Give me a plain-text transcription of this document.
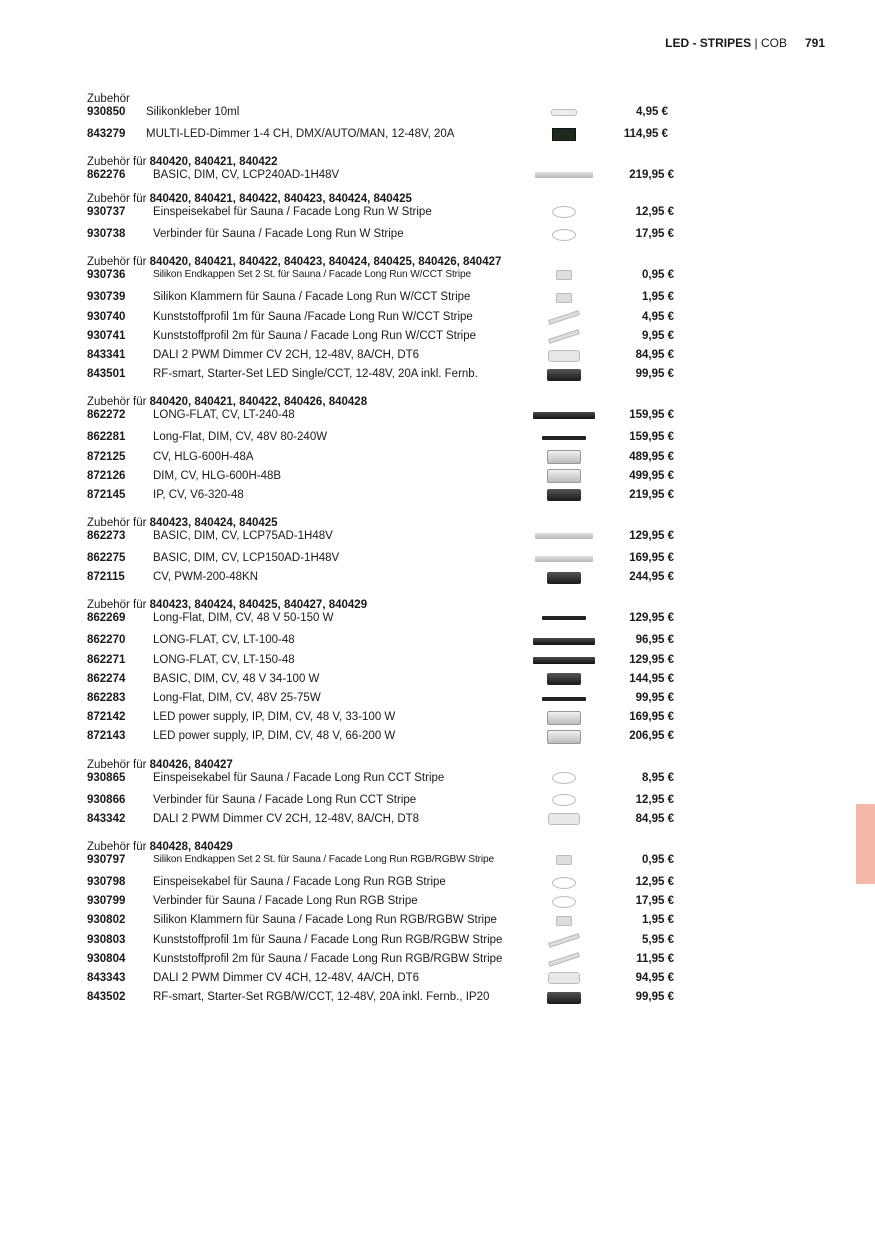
LED - STRIPES | COB 791
Zubehör
930850 Silikonkleber 10ml	4,95 €
843279 MULTI-LED-Dimmer 1-4 CH, DMX/AUTO/MAN, 12-48V, 20A	114,95 €
Zubehör für 840420, 840421, 840422
862276 BASIC, DIM, CV, LCP240AD-1H48V	219,95 €
Zubehör für 840420, 840421, 840422, 840423, 840424, 840425
930737 Einspeisekabel für Sauna / Facade Long Run W Stripe	12,95 €
930738 Verbinder für Sauna / Facade Long Run W Stripe	17,95 €
Zubehör für 840420, 840421, 840422, 840423, 840424, 840425, 840426, 840427
930736	Silikon Endkappen Set 2 St. für Sauna / Facade Long Run W/CCT Stripe	0,95 €
930739 Silikon Klammern für Sauna / Facade Long Run W/CCT Stripe	1,95 €
930740 Kunststoffprofil 1m für Sauna /Facade Long Run W/CCT Stripe	4,95 €
930741 Kunststoffprofil 2m für Sauna / Facade Long Run W/CCT Stripe	9,95 €
843341 DALI 2 PWM Dimmer CV 2CH, 12-48V, 8A/CH, DT6	84,95 €
843501 RF-smart, Starter-Set LED Single/CCT, 12-48V, 20A inkl. Fernb.	99,95 €
Zubehör für 840420, 840421, 840422, 840426, 840428
862272 LONG-FLAT, CV, LT-240-48	159,95 €
862281 Long-Flat, DIM, CV, 48V 80-240W	159,95 €
872125 CV, HLG-600H-48A	489,95 €
872126 DIM, CV, HLG-600H-48B	499,95 €
872145 IP, CV, V6-320-48	219,95 €
Zubehör für 840423, 840424, 840425
862273 BASIC, DIM, CV, LCP75AD-1H48V	129,95 €
862275 BASIC, DIM, CV, LCP150AD-1H48V	169,95 €
872115 CV, PWM-200-48KN	244,95 €
Zubehör für 840423, 840424, 840425, 840427, 840429
862269 Long-Flat, DIM, CV, 48 V 50-150 W	129,95 €
862270 LONG-FLAT, CV, LT-100-48	96,95 €
862271 LONG-FLAT, CV, LT-150-48	129,95 €
862274 BASIC, DIM, CV, 48 V 34-100 W	144,95 €
862283 Long-Flat, DIM, CV, 48V 25-75W	99,95 €
872142 LED power supply, IP, DIM, CV, 48 V, 33-100 W	169,95 €
872143 LED power supply, IP, DIM, CV, 48 V, 66-200 W	206,95 €
Zubehör für 840426, 840427
930865 Einspeisekabel für Sauna / Facade Long Run CCT Stripe	8,95 €
930866 Verbinder für Sauna / Facade Long Run CCT Stripe	12,95 €
843342 DALI 2 PWM Dimmer CV 2CH, 12-48V, 8A/CH, DT8	84,95 €
Zubehör für 840428, 840429
930797	Silikon Endkappen Set 2 St. für Sauna / Facade Long Run RGB/RGBW Stripe	0,95 €
930798 Einspeisekabel für Sauna / Facade Long Run RGB Stripe	12,95 €
930799 Verbinder für Sauna / Facade Long Run RGB Stripe	17,95 €
930802 Silikon Klammern für Sauna / Facade Long Run RGB/RGBW Stripe	1,95 €
930803 Kunststoffprofil 1m für Sauna / Facade Long Run RGB/RGBW Stripe	5,95 €
930804 Kunststoffprofil 2m für Sauna / Facade Long Run RGB/RGBW Stripe	11,95 €
843343 DALI 2 PWM Dimmer CV 4CH, 12-48V, 4A/CH, DT6	94,95 €
843502 RF-smart, Starter-Set RGB/W/CCT, 12-48V, 20A inkl. Fernb., IP20	99,95 €
